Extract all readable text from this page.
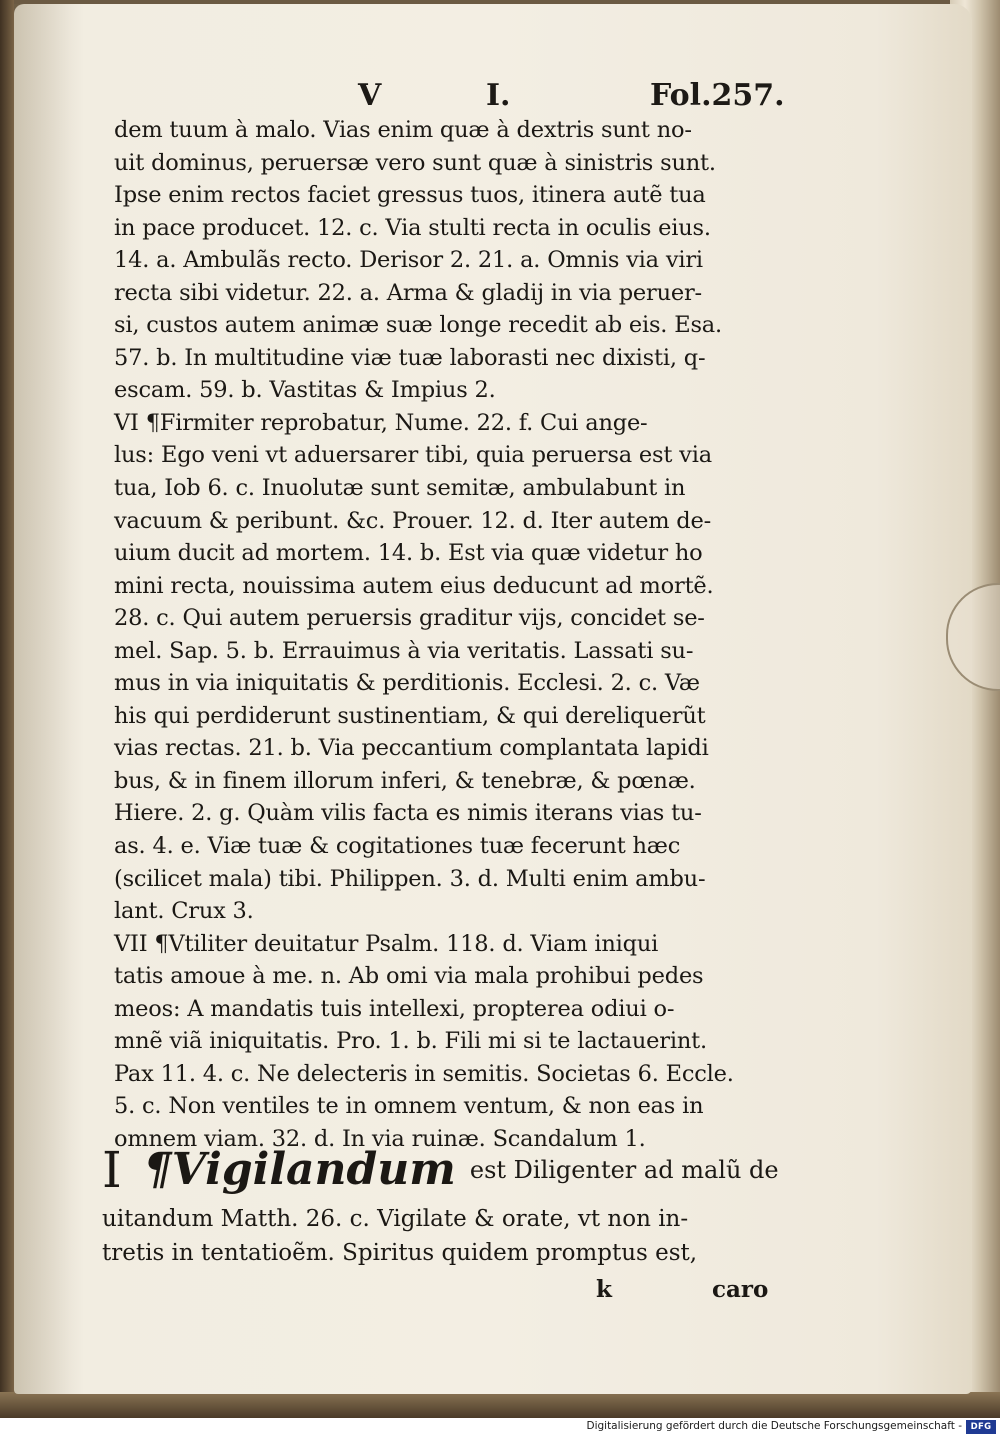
V	I.	Fol.257.
dem tuum à malo. Vias enim quæ à dextris sunt no-
uit dominus, peruersæ vero sunt quæ à sinistris sunt.
Ipse enim rectos faciet gressus tuos, itinera autẽ tua
in pace producet. 12. c. Via stulti recta in oculis eius.
14. a. Ambulãs recto. Derisor 2. 21. a. Omnis via viri
recta sibi videtur. 22. a. Arma & gladij in via peruer-
si, custos autem animæ suæ longe recedit ab eis. Esa.
57. b. In multitudine viæ tuæ laborasti nec dixisti, q-
escam. 59. b. Vastitas & Impius 2.
VI ¶Firmiter reprobatur, Nume. 22. f. Cui ange-
lus: Ego veni vt aduersarer tibi, quia peruersa est via
tua, Iob 6. c. Inuolutæ sunt semitæ, ambulabunt in
vacuum & peribunt. &c. Prouer. 12. d. Iter autem de-
uium ducit ad mortem. 14. b. Est via quæ videtur ho
mini recta, nouissima autem eius deducunt ad mortẽ.
28. c. Qui autem peruersis graditur vijs, concidet se-
mel. Sap. 5. b. Errauimus à via veritatis. Lassati su-
mus in via iniquitatis & perditionis. Ecclesi. 2. c. Væ
his qui perdiderunt sustinentiam, & qui dereliquerũt
vias rectas. 21. b. Via peccantium complantata lapidi
bus, & in finem illorum inferi, & tenebræ, & pœnæ.
Hiere. 2. g. Quàm vilis facta es nimis iterans vias tu-
as. 4. e. Viæ tuæ & cogitationes tuæ fecerunt hæc
(scilicet mala) tibi. Philippen. 3. d. Multi enim ambu-
lant. Crux 3.
VII ¶Vtiliter deuitatur Psalm. 118. d. Viam iniqui
tatis amoue à me. n. Ab omi via mala prohibui pedes
meos: A mandatis tuis intellexi, propterea odiui o-
mnẽ viã iniquitatis. Pro. 1. b. Fili mi si te lactauerint.
Pax 11. 4. c. Ne delecteris in semitis. Societas 6. Eccle.
5. c. Non ventiles te in omnem ventum, & non eas in
omnem viam. 32. d. In via ruinæ. Scandalum 1.
I ¶Vigilandum est Diligenter ad malũ de
uitandum Matth. 26. c. Vigilate & orate, vt non in-
tretis in tentatioẽm. Spiritus quidem promptus est,
k	caro
Digitalisierung gefördert durch die Deutsche Forschungsgemeinschaft -	DFG
